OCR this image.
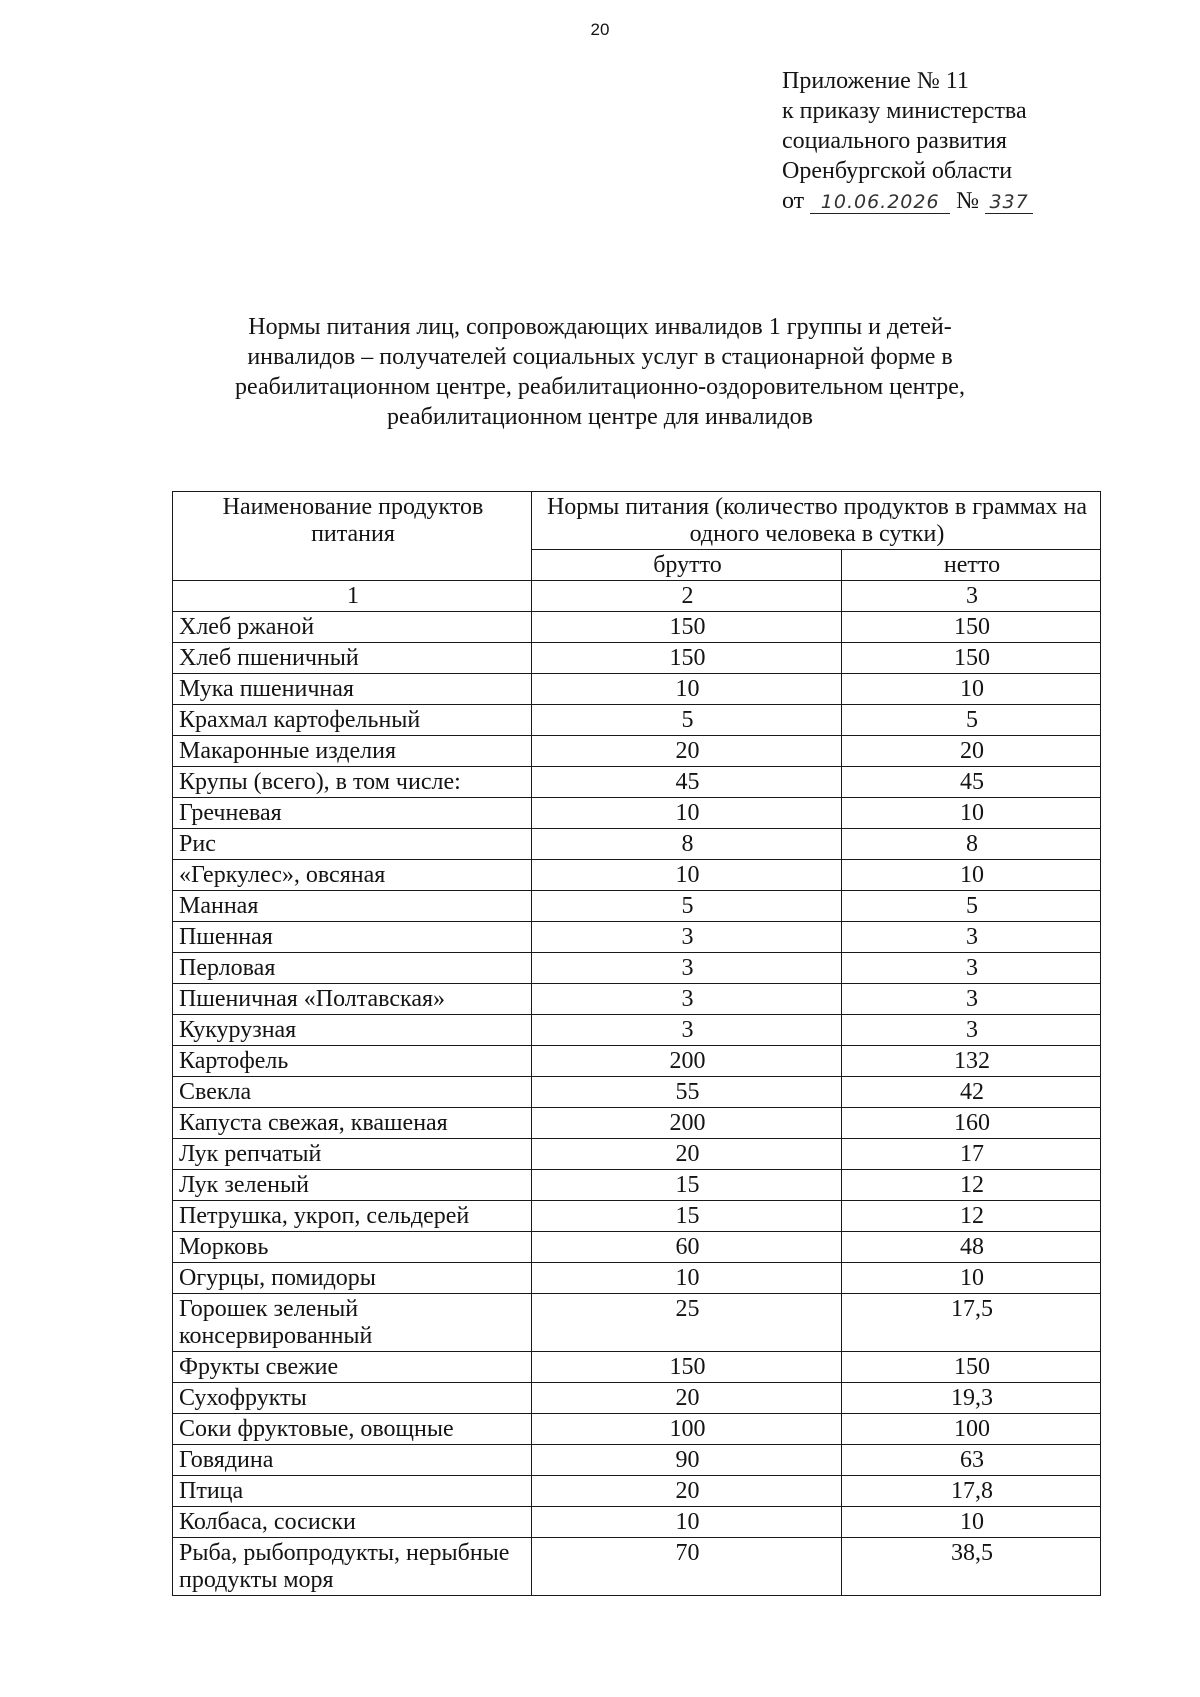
20
Приложение № 11
к приказу министерства
социального развития
Оренбургской области
от 10.06.2026 № 337
Нормы питания лиц, сопровождающих инвалидов 1 группы и детей-
инвалидов – получателей социальных услуг в стационарной форме в
реабилитационном центре, реабилитационно-оздоровительном центре,
реабилитационном центре для инвалидов
Наименование продуктов питания	Нормы питания (количество продуктов в граммах на одного человека в сутки)	
	брутто	нетто
1	2	3
Хлеб ржаной	150	150
Хлеб пшеничный	150	150
Мука пшеничная	10	10
Крахмал картофельный	5	5
Макаронные изделия	20	20
Крупы (всего), в том числе:	45	45
Гречневая	10	10
Рис	8	8
«Геркулес», овсяная	10	10
Манная	5	5
Пшенная	3	3
Перловая	3	3
Пшеничная «Полтавская»	3	3
Кукурузная	3	3
Картофель	200	132
Свекла	55	42
Капуста свежая, квашеная	200	160
Лук репчатый	20	17
Лук зеленый	15	12
Петрушка, укроп, сельдерей	15	12
Морковь	60	48
Огурцы, помидоры	10	10
Горошек зеленый консервированный	25	17,5
Фрукты свежие	150	150
Сухофрукты	20	19,3
Соки фруктовые, овощные	100	100
Говядина	90	63
Птица	20	17,8
Колбаса, сосиски	10	10
Рыба, рыбопродукты, нерыбные продукты моря	70	38,5
